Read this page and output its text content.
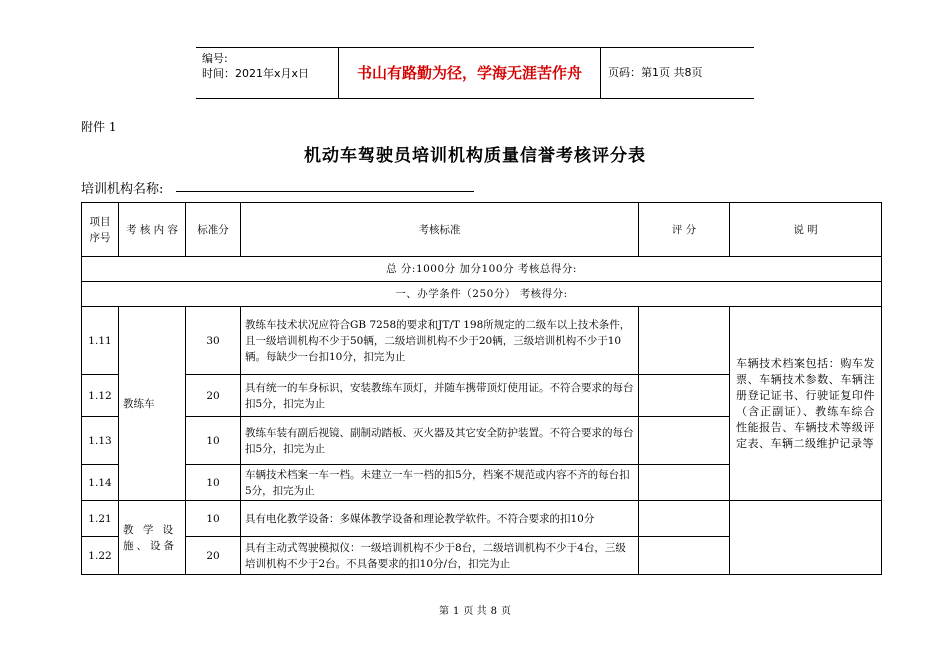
编号:
时间：2021年x月x日	书山有路勤为径，学海无涯苦作舟	页码：第1页 共8页
附件 1
机动车驾驶员培训机构质量信誉考核评分表
培训机构名称:
项目序号	考 核 内 容	标准分	考核标准	评 分	说 明
总 分:1000分 加分100分 考核总得分:					
一、办学条件（250分） 考核得分:					
1.11	教练车	30	教练车技术状况应符合GB 7258的要求和JT/T 198所规定的二级车以上技术条件，且一级培训机构不少于50辆，二级培训机构不少于20辆，三级培训机构不少于10辆。每缺少一台扣10分，扣完为止		车辆技术档案包括：购车发票、车辆技术参数、车辆注册登记证书、行驶证复印件（含正副证）、教练车综合性能报告、车辆技术等级评定表、车辆二级维护记录等
1.12		20	具有统一的车身标识，安装教练车顶灯，并随车携带顶灯使用证。不符合要求的每台扣5分，扣完为止		
1.13		10	教练车装有副后视镜、副制动踏板、灭火器及其它安全防护装置。不符合要求的每台扣5分，扣完为止		
1.14		10	车辆技术档案一车一档。未建立一车一档的扣5分，档案不规范或内容不齐的每台扣5分，扣完为止		
1.21	教 学 设 施、设备	10	具有电化教学设备：多媒体教学设备和理论教学软件。不符合要求的扣10分		
1.22		20	具有主动式驾驶模拟仪：一级培训机构不少于8台，二级培训机构不少于4台，三级培训机构不少于2台。不具备要求的扣10分/台，扣完为止		
第 1 页 共 8 页
